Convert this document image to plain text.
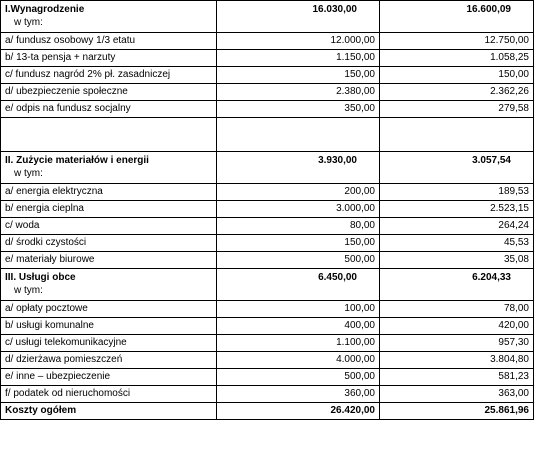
I.Wynagrodzenie
w tym:	16.030,00	16.600,09
a/ fundusz osobowy 1/3 etatu	12.000,00	12.750,00
b/ 13-ta pensja + narzuty	1.150,00	1.058,25
c/ fundusz nagród 2% pł. zasadniczej	150,00	150,00
d/ ubezpieczenie społeczne	2.380,00	2.362,26
e/ odpis na fundusz socjalny	350,00	279,58

II. Zużycie materiałów i energii
w tym:	3.930,00	3.057,54
a/ energia elektryczna	200,00	189,53
b/ energia cieplna	3.000,00	2.523,15
c/ woda	80,00	264,24
d/ środki czystości	150,00	45,53
e/ materiały biurowe	500,00	35,08

III. Usługi obce
w tym:	6.450,00	6.204,33
a/ opłaty pocztowe	100,00	78,00
b/ usługi komunalne	400,00	420,00
c/ usługi telekomunikacyjne	1.100,00	957,30
d/ dzierżawa pomieszczeń	4.000,00	3.804,80
e/ inne – ubezpieczenie	500,00	581,23
f/ podatek od nieruchomości	360,00	363,00
Koszty ogółem	26.420,00	25.861,96
